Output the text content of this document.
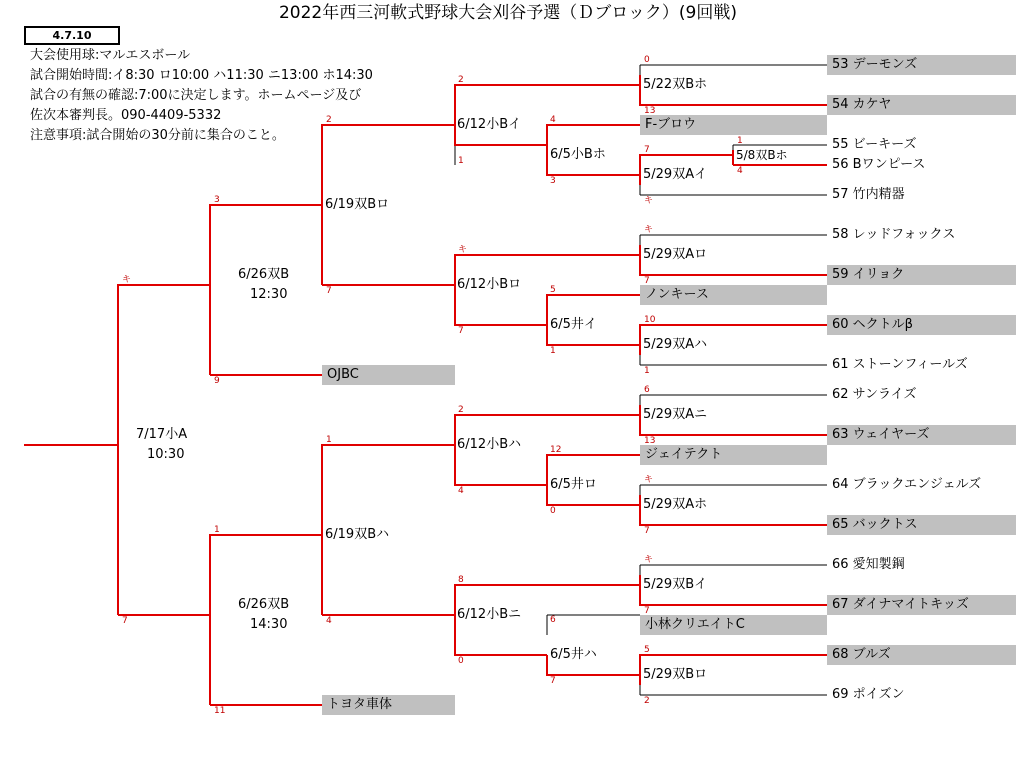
2022年西三河軟式野球大会刈谷予選（Ｄブロック）(9回戦)
4.7.10
大会使用球:マルエスボール
試合開始時間:イ8:30 ロ10:00 ハ11:30 ニ13:00 ホ14:30
試合の有無の確認:7:00に決定します。ホームページ及び
佐次本審判長。090-4409-5332
注意事項:試合開始の30分前に集合のこと。
53 デーモンズ
54 カケヤ
55 ビーキーズ
56 Bワンピース
57 竹内精器
58 レッドフォックス
59 イリョク
60 ヘクトルβ
61 ストーンフィールズ
62 サンライズ
63 ウェイヤーズ
64 ブラックエンジェルズ
65 バックトス
66 愛知製鋼
67 ダイナマイトキッズ
68 ブルズ
69 ポイズン
F-ブロウ
ノンキース
ジェイテクト
小林クリエイトC
OJBC
トヨタ車体
5/22双Bホ
5/8双Bホ
5/29双Aイ
5/29双Aロ
5/29双Aハ
5/29双Aニ
5/29双Aホ
5/29双Bイ
5/29双Bロ
6/5小Bホ
6/5井イ
6/5井ロ
6/5井ハ
6/12小Bイ
6/12小Bロ
6/12小Bハ
6/12小Bニ
6/19双Bロ
6/19双Bハ
6/26双B
12:30
6/26双B
14:30
7/17小A
10:30
0
13
1
4
7
キ
キ
7
10
1
6
13
キ
7
キ
7
5
2
4
3
5
1
12
0
6
7
2
1
キ
7
2
4
8
0
2
7
1
4
3
9
1
11
キ
7
